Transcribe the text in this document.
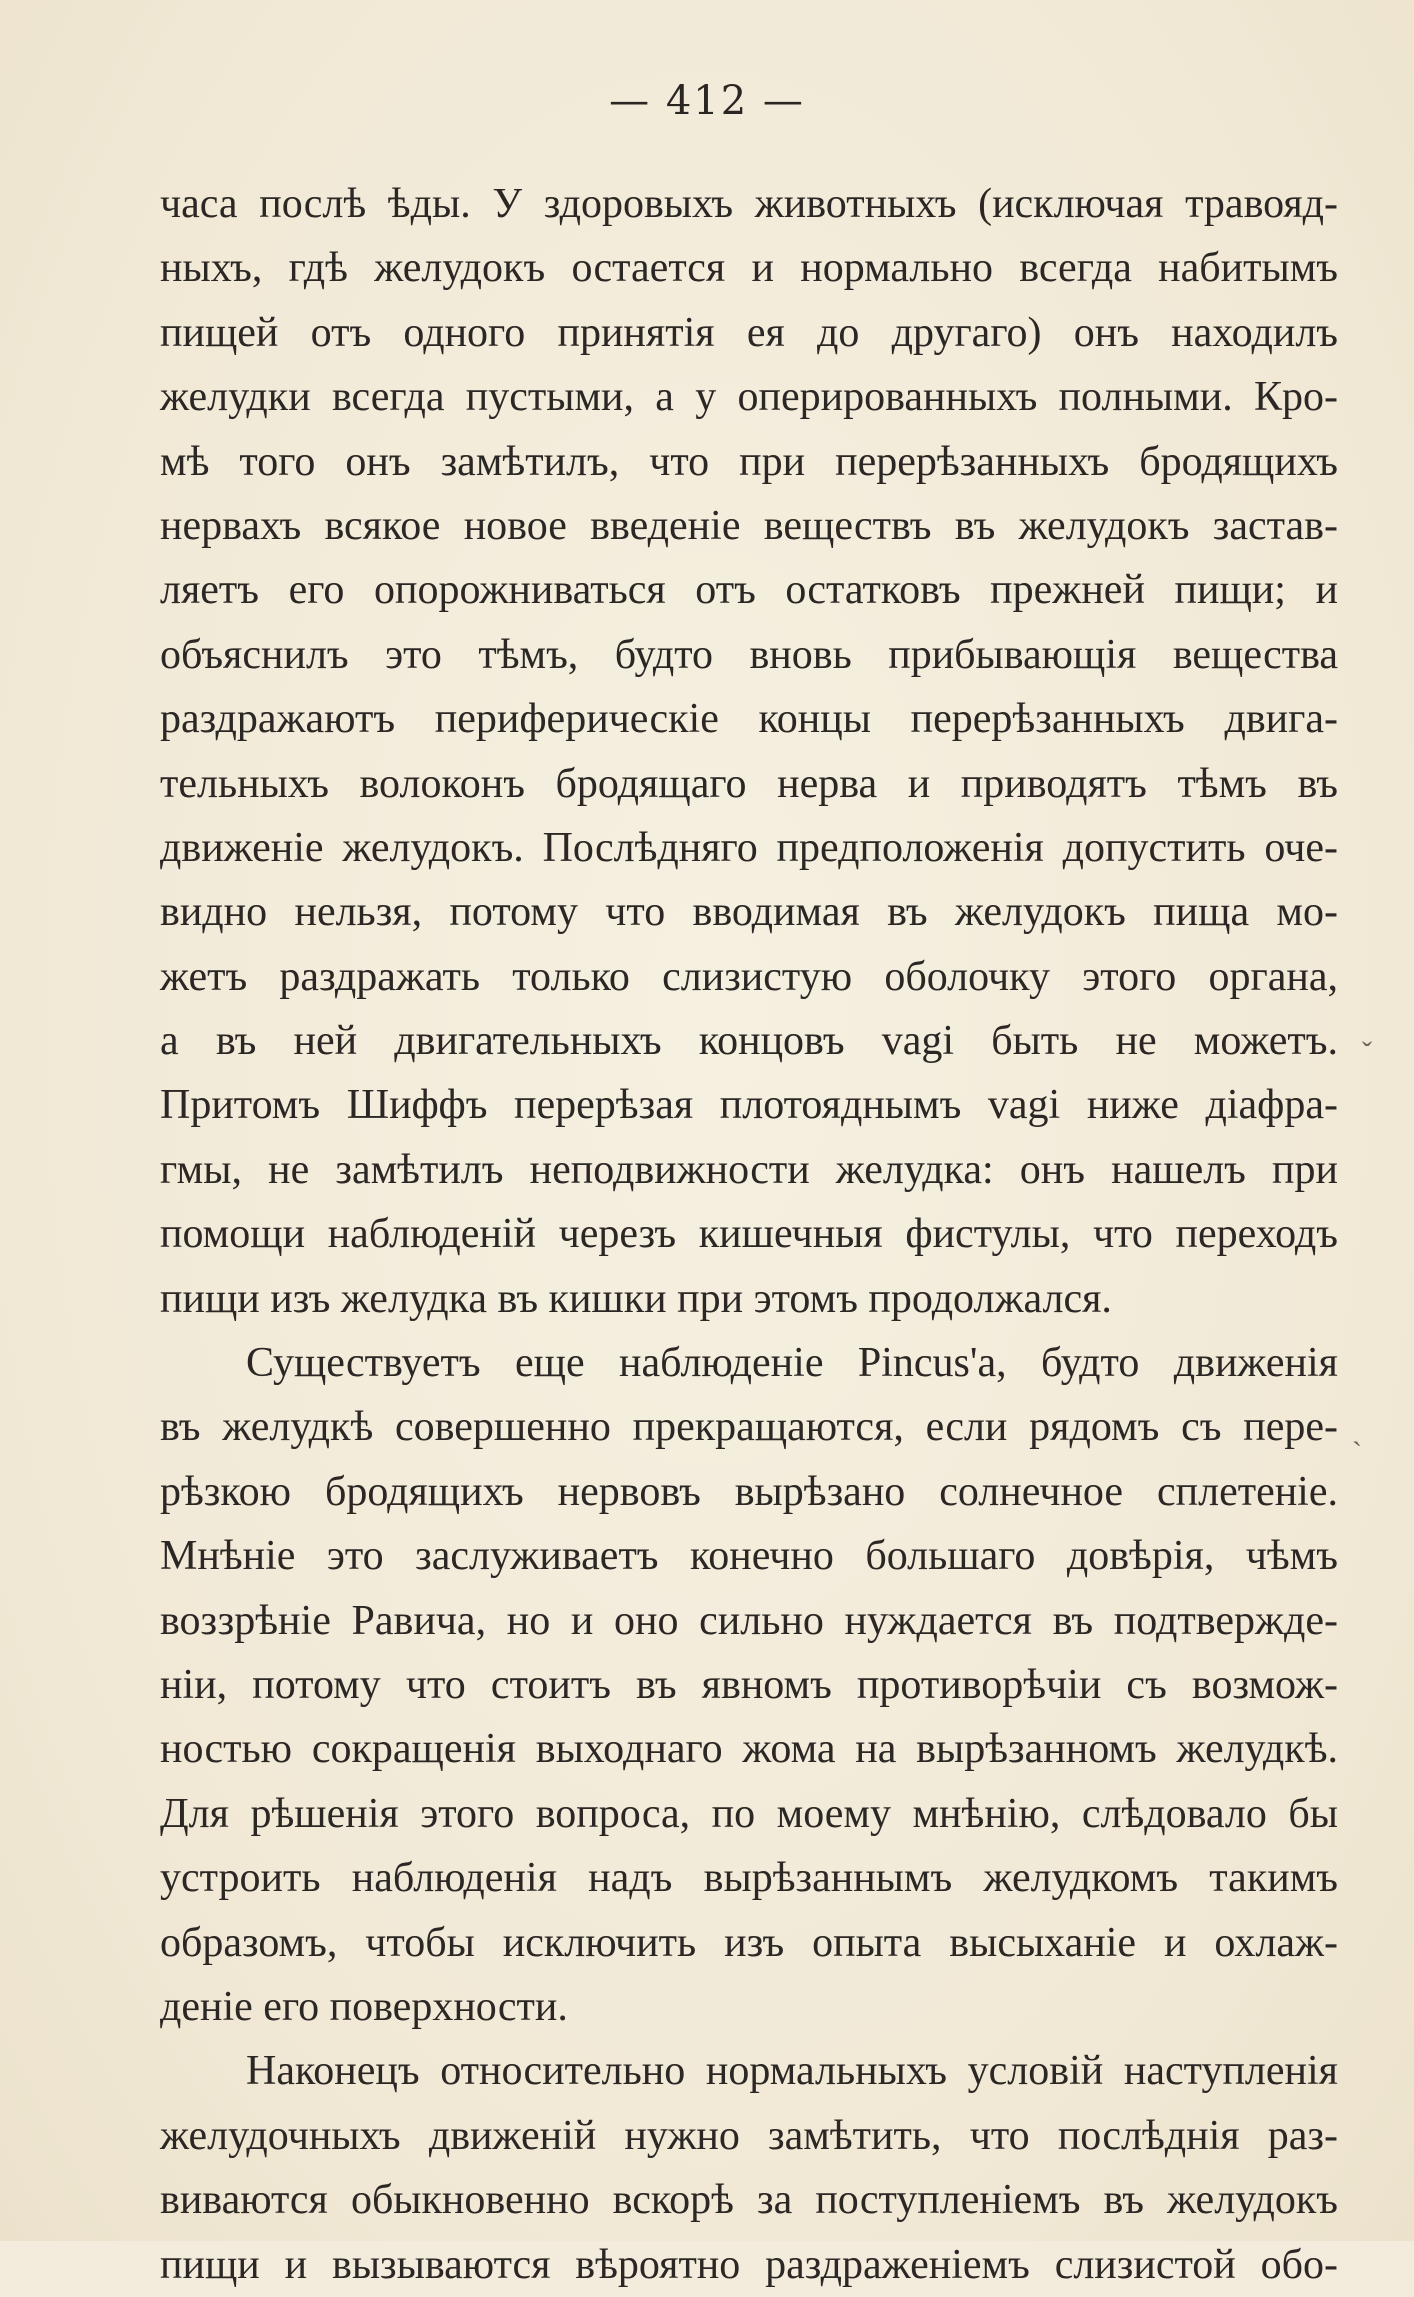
— 412 —
часа послѣ ѣды. У здоровыхъ животныхъ (исключая травояд-
ныхъ, гдѣ желудокъ остается и нормально всегда набитымъ
пищей отъ одного принятія ея до другаго) онъ находилъ
желудки всегда пустыми, а у оперированныхъ полными. Кро-
мѣ того онъ замѣтилъ, что при перерѣзанныхъ бродящихъ
нервахъ всякое новое введеніе веществъ въ желудокъ застав-
ляетъ его опорожниваться отъ остатковъ прежней пищи; и
объяснилъ это тѣмъ, будто вновь прибывающія вещества
раздражаютъ периферическіе концы перерѣзанныхъ двига-
тельныхъ волоконъ бродящаго нерва и приводятъ тѣмъ въ
движеніе желудокъ. Послѣдняго предположенія допустить оче-
видно нельзя, потому что вводимая въ желудокъ пища мо-
жетъ раздражать только слизистую оболочку этого органа,
а въ ней двигательныхъ концовъ vagi быть не можетъ.
Притомъ Шиффъ перерѣзая плотояднымъ vagi ниже діафра-
гмы, не замѣтилъ неподвижности желудка: онъ нашелъ при
помощи наблюденій черезъ кишечныя фистулы, что переходъ
пищи изъ желудка въ кишки при этомъ продолжался.
Существуетъ еще наблюденіе Pincus'а, будто движенія
въ желудкѣ совершенно прекращаются, если рядомъ съ пере-
рѣзкою бродящихъ нервовъ вырѣзано солнечное сплетеніе.
Мнѣніе это заслуживаетъ конечно большаго довѣрія, чѣмъ
воззрѣніе Равича, но и оно сильно нуждается въ подтвержде-
ніи, потому что стоитъ въ явномъ противорѣчіи съ возмож-
ностью сокращенія выходнаго жома на вырѣзанномъ желудкѣ.
Для рѣшенія этого вопроса, по моему мнѣнію, слѣдовало бы
устроить наблюденія надъ вырѣзаннымъ желудкомъ такимъ
образомъ, чтобы исключить изъ опыта высыханіе и охлаж-
деніе его поверхности.
Наконецъ относительно нормальныхъ условій наступленія
желудочныхъ движеній нужно замѣтить, что послѣднія раз-
виваются обыкновенно вскорѣ за поступленіемъ въ желудокъ
пищи и вызываются вѣроятно раздраженіемъ слизистой обо-
ˇ
ˋ
